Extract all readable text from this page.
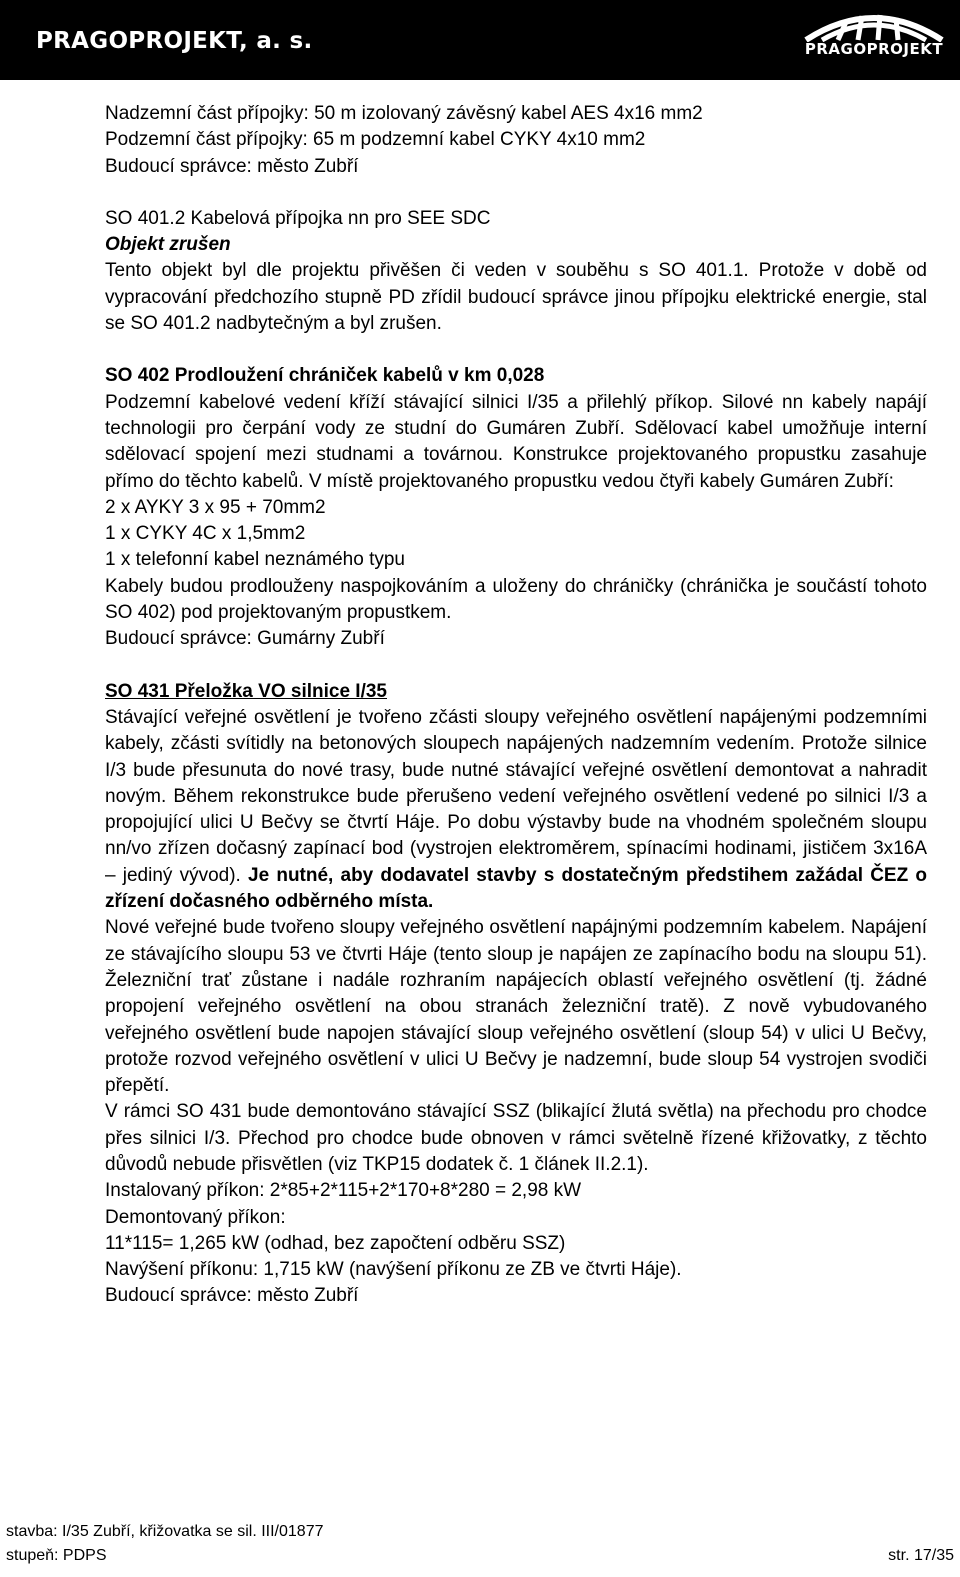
PRAGOPROJEKT, a. s.	PRAGOPROJEKT

Nadzemní část přípojky: 50 m izolovaný závěsný kabel AES 4x16 mm2

Podzemní část přípojky: 65 m podzemní kabel CYKY 4x10 mm2

Budoucí správce: město Zubří

SO 401.2 Kabelová přípojka nn pro SEE SDC

Objekt zrušen

Tento objekt byl dle projektu přivěšen či veden v souběhu s SO 401.1. Protože v době od vypracování předchozího stupně PD zřídil budoucí správce jinou přípojku elektrické energie, stal se SO 401.2 nadbytečným a byl zrušen.

SO 402 Prodloužení chrániček kabelů v km 0,028

Podzemní kabelové vedení kříží stávající silnici I/35 a přilehlý příkop. Silové nn kabely napájí technologii pro čerpání vody ze studní do Gumáren Zubří. Sdělovací kabel umožňuje interní sdělovací spojení mezi studnami a továrnou. Konstrukce projektovaného propustku zasahuje přímo do těchto kabelů. V místě projektovaného propustku vedou čtyři kabely Gumáren Zubří:

2 x AYKY 3 x 95 + 70mm2

1 x CYKY 4C x 1,5mm2

1 x telefonní kabel neznámého typu

Kabely budou prodlouženy naspojkováním a uloženy do chráničky (chránička je součástí tohoto SO 402) pod projektovaným propustkem.

Budoucí správce: Gumárny Zubří

SO 431 Přeložka VO silnice I/35

Stávající veřejné osvětlení je tvořeno zčásti sloupy veřejného osvětlení napájenými podzemními kabely, zčásti svítidly na betonových sloupech napájených nadzemním vedením. Protože silnice I/3 bude přesunuta do nové trasy, bude nutné stávající veřejné osvětlení demontovat a nahradit novým. Během rekonstrukce bude přerušeno vedení veřejného osvětlení vedené po silnici I/3 a propojující ulici U Bečvy se čtvrtí Háje. Po dobu výstavby bude na vhodném společném sloupu nn/vo zřízen dočasný zapínací bod (vystrojen elektroměrem, spínacími hodinami, jističem 3x16A – jediný vývod). Je nutné, aby dodavatel stavby s dostatečným předstihem zažádal ČEZ o zřízení dočasného odběrného místa.

Nové veřejné bude tvořeno sloupy veřejného osvětlení napájnými podzemním kabelem. Napájení ze stávajícího sloupu 53 ve čtvrti Háje (tento sloup je napájen ze zapínacího bodu na sloupu 51). Železniční trať zůstane i nadále rozhraním napájecích oblastí veřejného osvětlení (tj. žádné propojení veřejného osvětlení na obou stranách železniční tratě). Z nově vybudovaného veřejného osvětlení bude napojen stávající sloup veřejného osvětlení (sloup 54) v ulici U Bečvy, protože rozvod veřejného osvětlení v ulici U Bečvy je nadzemní, bude sloup 54 vystrojen svodiči přepětí.

V rámci SO 431 bude demontováno stávající SSZ (blikající žlutá světla) na přechodu pro chodce přes silnici I/3. Přechod pro chodce bude obnoven v rámci světelně řízené křižovatky, z těchto důvodů nebude přisvětlen (viz TKP15 dodatek č. 1 článek II.2.1).

Instalovaný příkon: 2*85+2*115+2*170+8*280 = 2,98 kW

Demontovaný příkon:

11*115= 1,265 kW (odhad, bez započtení odběru SSZ)

Navýšení příkonu: 1,715 kW (navýšení příkonu ze ZB ve čtvrti Háje).

Budoucí správce: město Zubří

stavba: I/35 Zubří, křižovatka se sil. III/01877
stupeň: PDPS	str. 17/35
